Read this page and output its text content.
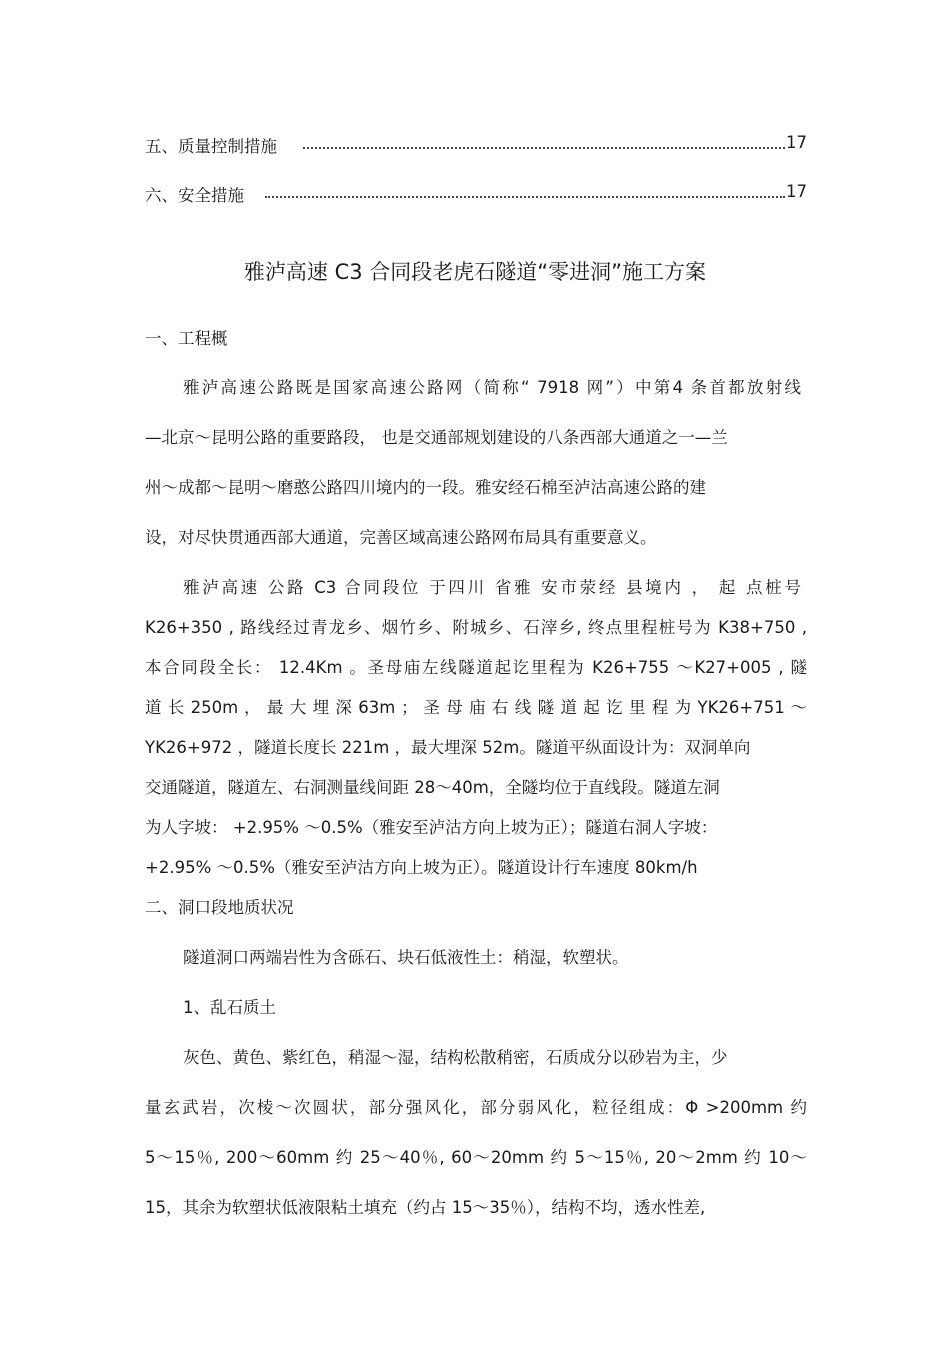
五、质量控制措施	17
六、安全措施	17
雅泸高速 C3 合同段老虎石隧道“零进洞”施工方案
一、工程概
雅泸高速公路既是国家高速公路网（简称“ 7918 网”）中第4 条首都放射线
—北京～昆明公路的重要路段， 也是交通部规划建设的八条西部大通道之一—兰
州～成都～昆明～磨憨公路四川境内的一段。雅安经石棉至泸沽高速公路的建
设，对尽快贯通西部大通道，完善区域高速公路网布局具有重要意义。
雅泸高速 公路 C3 合同段位 于四川 省雅 安市荥经 县境内 ， 起 点桩号
K26+350 , 路线经过青龙乡、烟竹乡、附城乡、石滓乡, 终点里程桩号为 K38+750 ,
本合同段全长： 12.4Km 。圣母庙左线隧道起讫里程为 K26+755 ～K27+005 , 隧
道 长 250m ， 最 大 埋 深 63m ； 圣 母 庙 右 线 隧 道 起 讫 里 程 为 YK26+751 ～
YK26+972 ，隧道长度长 221m ，最大埋深 52m。隧道平纵面设计为：双洞单向
交通隧道，隧道左、右洞测量线间距 28～40m，全隧均位于直线段。隧道左洞
为人字坡： +2.95% ～0.5%（雅安至泸沽方向上坡为正）；隧道右洞人字坡：
+2.95% ～0.5%（雅安至泸沽方向上坡为正）。隧道设计行车速度 80km/h
二、洞口段地质状况
隧道洞口两端岩性为含砾石、块石低液性土：稍湿，软塑状。
1、乱石质土
灰色、黄色、紫红色，稍湿～湿，结构松散稍密，石质成分以砂岩为主，少
量玄武岩，次棱～次圆状，部分强风化，部分弱风化，粒径组成：Φ >200mm 约
5～15％, 200～60mm 约 25～40％, 60～20mm 约 5～15％, 20～2mm 约 10～
15，其余为软塑状低液限粘土填充（约占 15～35％），结构不均，透水性差,
